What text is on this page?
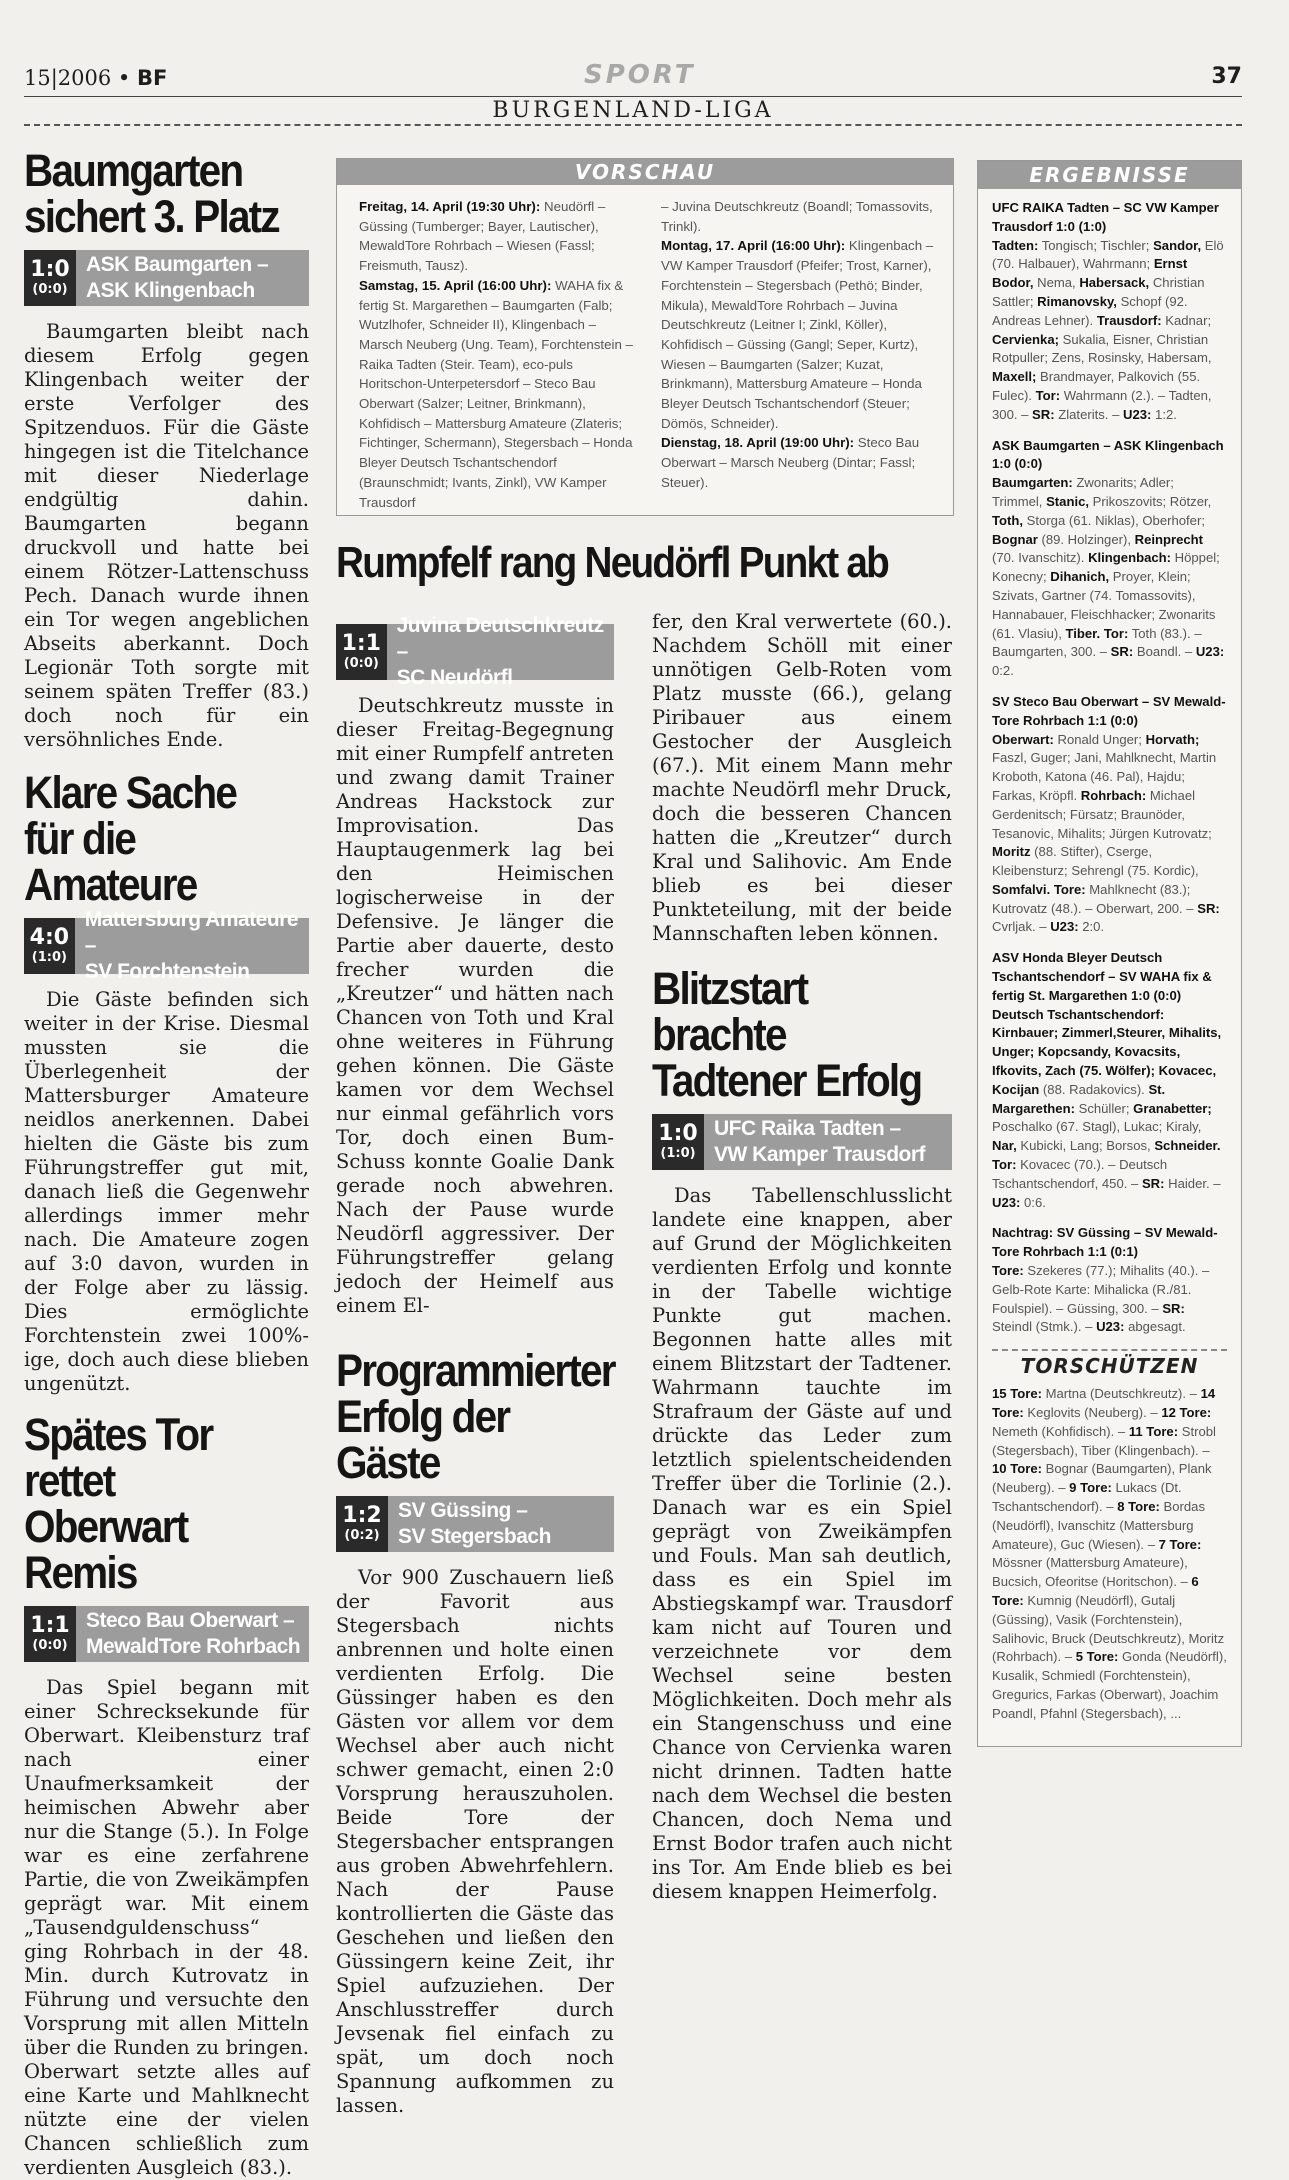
15|2006 • BF	SPORT	37
BURGENLAND-LIGA
Baumgarten sichert 3. Platz
1:0
(0:0)
ASK Baumgarten –
ASK Klingenbach
Baumgarten bleibt nach diesem Erfolg gegen Klingenbach weiter der erste Verfolger des Spitzenduos. Für die Gäste hingegen ist die Titelchance mit dieser Niederlage endgültig dahin. Baumgarten begann druckvoll und hatte bei einem Rötzer-Lattenschuss Pech. Danach wurde ihnen ein Tor wegen angeblichen Abseits aberkannt. Doch Legionär Toth sorgte mit seinem späten Treffer (83.) doch noch für ein versöhnliches Ende.
Klare Sache für die Amateure
4:0
(1:0)
Mattersburg Amateure –
SV Forchtenstein
Die Gäste befinden sich weiter in der Krise. Diesmal mussten sie die Überlegenheit der Mattersburger Amateure neidlos anerkennen. Dabei hielten die Gäste bis zum Führungstreffer gut mit, danach ließ die Gegenwehr allerdings immer mehr nach. Die Amateure zogen auf 3:0 davon, wurden in der Folge aber zu lässig. Dies ermöglichte Forchtenstein zwei 100%-ige, doch auch diese blieben ungenützt.
Spätes Tor rettet Oberwart Remis
1:1
(0:0)
Steco Bau Oberwart –
MewaldTore Rohrbach
Das Spiel begann mit einer Schrecksekunde für Oberwart. Kleibensturz traf nach einer Unaufmerksamkeit der heimischen Abwehr aber nur die Stange (5.). In Folge war es eine zerfahrene Partie, die von Zweikämpfen geprägt war. Mit einem „Tausendguldenschuss“ ging Rohrbach in der 48. Min. durch Kutrovatz in Führung und versuchte den Vorsprung mit allen Mitteln über die Runden zu bringen. Oberwart setzte alles auf eine Karte und Mahlknecht nützte eine der vielen Chancen schließlich zum verdienten Ausgleich (83.).
VORSCHAU
Freitag, 14. April (19:30 Uhr): Neudörfl – Güssing (Tumberger; Bayer, Lautischer), MewaldTore Rohrbach – Wiesen (Fassl; Freismuth, Tausz).
Samstag, 15. April (16:00 Uhr): WAHA fix & fertig St. Margarethen – Baumgarten (Falb; Wutzlhofer, Schneider II), Klingenbach – Marsch Neuberg (Ung. Team), Forchtenstein – Raika Tadten (Steir. Team), eco-puls Horitschon-Unterpetersdorf – Steco Bau Oberwart (Salzer; Leitner, Brinkmann), Kohfidisch – Mattersburg Amateure (Zlateris; Fichtinger, Schermann), Stegersbach – Honda Bleyer Deutsch Tschantschendorf (Braunschmidt; Ivants, Zinkl), VW Kamper Trausdorf
– Juvina Deutschkreutz (Boandl; Tomassovits, Trinkl).
Montag, 17. April (16:00 Uhr): Klingenbach – VW Kamper Trausdorf (Pfeifer; Trost, Karner), Forchtenstein – Stegersbach (Pethö; Binder, Mikula), MewaldTore Rohrbach – Juvina Deutschkreutz (Leitner I; Zinkl, Köller), Kohfidisch – Güssing (Gangl; Seper, Kurtz), Wiesen – Baumgarten (Salzer; Kuzat, Brinkmann), Mattersburg Amateure – Honda Bleyer Deutsch Tschantschendorf (Steuer; Dömös, Schneider).
Dienstag, 18. April (19:00 Uhr): Steco Bau Oberwart – Marsch Neuberg (Dintar; Fassl; Steuer).
Rumpfelf rang Neudörfl Punkt ab
1:1
(0:0)
Juvina Deutschkreutz –
SC Neudörfl
Deutschkreutz musste in dieser Freitag-Begegnung mit einer Rumpfelf antreten und zwang damit Trainer Andreas Hackstock zur Improvisation. Das Hauptaugenmerk lag bei den Heimischen logischerweise in der Defensive. Je länger die Partie aber dauerte, desto frecher wurden die „Kreutzer“ und hätten nach Chancen von Toth und Kral ohne weiteres in Führung gehen können. Die Gäste kamen vor dem Wechsel nur einmal gefährlich vors Tor, doch einen Bum-Schuss konnte Goalie Dank gerade noch abwehren. Nach der Pause wurde Neudörfl aggressiver. Der Führungstreffer gelang jedoch der Heimelf aus einem El-
Programmierter Erfolg der Gäste
1:2
(0:2)
SV Güssing –
SV Stegersbach
Vor 900 Zuschauern ließ der Favorit aus Stegersbach nichts anbrennen und holte einen verdienten Erfolg. Die Güssinger haben es den Gästen vor allem vor dem Wechsel aber auch nicht schwer gemacht, einen 2:0 Vorsprung herauszuholen. Beide Tore der Stegersbacher entsprangen aus groben Abwehrfehlern. Nach der Pause kontrollierten die Gäste das Geschehen und ließen den Güssingern keine Zeit, ihr Spiel aufzuziehen. Der Anschlusstreffer durch Jevsenak fiel einfach zu spät, um doch noch Spannung aufkommen zu lassen.
fer, den Kral verwertete (60.). Nachdem Schöll mit einer unnötigen Gelb-Roten vom Platz musste (66.), gelang Piribauer aus einem Gestocher der Ausgleich (67.). Mit einem Mann mehr machte Neudörfl mehr Druck, doch die besseren Chancen hatten die „Kreutzer“ durch Kral und Salihovic. Am Ende blieb es bei dieser Punkteteilung, mit der beide Mannschaften leben können.
Blitzstart brachte Tadtener Erfolg
1:0
(1:0)
UFC Raika Tadten –
VW Kamper Trausdorf
Das Tabellenschlusslicht landete eine knappen, aber auf Grund der Möglichkeiten verdienten Erfolg und konnte in der Tabelle wichtige Punkte gut machen. Begonnen hatte alles mit einem Blitzstart der Tadtener. Wahrmann tauchte im Strafraum der Gäste auf und drückte das Leder zum letztlich spielentscheidenden Treffer über die Torlinie (2.). Danach war es ein Spiel geprägt von Zweikämpfen und Fouls. Man sah deutlich, dass es ein Spiel im Abstiegskampf war. Trausdorf kam nicht auf Touren und verzeichnete vor dem Wechsel seine besten Möglichkeiten. Doch mehr als ein Stangenschuss und eine Chance von Cervienka waren nicht drinnen. Tadten hatte nach dem Wechsel die besten Chancen, doch Nema und Ernst Bodor trafen auch nicht ins Tor. Am Ende blieb es bei diesem knappen Heimerfolg.
ERGEBNISSE

UFC RAIKA Tadten – SC VW Kamper Trausdorf 1:0 (1:0)
Tadten: Tongisch; Tischler; Sandor, Elö (70. Halbauer), Wahrmann; Ernst Bodor, Nema, Habersack, Christian Sattler; Rimanovsky, Schopf (92. Andreas Lehner). Trausdorf: Kadnar; Cervienka; Sukalia, Eisner, Christian Rotpuller; Zens, Rosinsky, Habersam, Maxell; Brandmayer, Palkovich (55. Fulec). Tor: Wahrmann (2.). – Tadten, 300. – SR: Zlaterits. – U23: 1:2.

ASK Baumgarten – ASK Klingenbach 1:0 (0:0)
Baumgarten: Zwonarits; Adler; Trimmel, Stanic, Prikoszovits; Rötzer, Toth, Storga (61. Niklas), Oberhofer; Bognar (89. Holzinger), Reinprecht (70. Ivanschitz). Klingenbach: Höppel; Konecny; Dihanich, Proyer, Klein; Szivats, Gartner (74. Tomassovits), Hannabauer, Fleischhacker; Zwonarits (61. Vlasiu), Tiber. Tor: Toth (83.). – Baumgarten, 300. – SR: Boandl. – U23: 0:2.

SV Steco Bau Oberwart – SV Mewald-Tore Rohrbach 1:1 (0:0)
Oberwart: Ronald Unger; Horvath; Faszl, Guger; Jani, Mahlknecht, Martin Kroboth, Katona (46. Pal), Hajdu; Farkas, Kröpfl. Rohrbach: Michael Gerdenitsch; Fürsatz; Braunöder, Tesanovic, Mihalits; Jürgen Kutrovatz; Moritz (88. Stifter), Cserge, Kleibensturz; Sehrengl (75. Kordic), Somfalvi. Tore: Mahlknecht (83.); Kutrovatz (48.). – Oberwart, 200. – SR: Cvrljak. – U23: 2:0.

ASV Honda Bleyer Deutsch Tschantschendorf – SV WAHA fix & fertig St. Margarethen 1:0 (0:0)
Deutsch Tschantschendorf: Kirnbauer; Zimmerl,Steurer, Mihalits, Unger; Kopcsandy, Kovacsits, Ifkovits, Zach (75. Wölfer); Kovacec, Kocijan (88. Radakovics). St. Margarethen: Schüller; Granabetter; Poschalko (67. Stagl), Lukac; Kiraly, Nar, Kubicki, Lang; Borsos, Schneider. Tor: Kovacec (70.). – Deutsch Tschantschendorf, 450. – SR: Haider. – U23: 0:6.

Nachtrag: SV Güssing – SV Mewald-Tore Rohrbach 1:1 (0:1)
Tore: Szekeres (77.); Mihalits (40.). – Gelb-Rote Karte: Mihalicka (R./81. Foulspiel). – Güssing, 300. – SR: Steindl (Stmk.). – U23: abgesagt.

TORSCHÜTZEN

15 Tore: Martna (Deutschkreutz). – 14 Tore: Keglovits (Neuberg). – 12 Tore: Nemeth (Kohfidisch). – 11 Tore: Strobl (Stegersbach), Tiber (Klingenbach). – 10 Tore: Bognar (Baumgarten), Plank (Neuberg). – 9 Tore: Lukacs (Dt. Tschantschendorf). – 8 Tore: Bordas (Neudörfl), Ivanschitz (Mattersburg Amateure), Guc (Wiesen). – 7 Tore: Mössner (Mattersburg Amateure), Bucsich, Ofeoritse (Horitschon). – 6 Tore: Kumnig (Neudörfl), Gutalj (Güssing), Vasik (Forchtenstein), Salihovic, Bruck (Deutschkreutz), Moritz (Rohrbach). – 5 Tore: Gonda (Neudörfl), Kusalik, Schmiedl (Forchtenstein), Gregurics, Farkas (Oberwart), Joachim Poandl, Pfahnl (Stegersbach), ...
